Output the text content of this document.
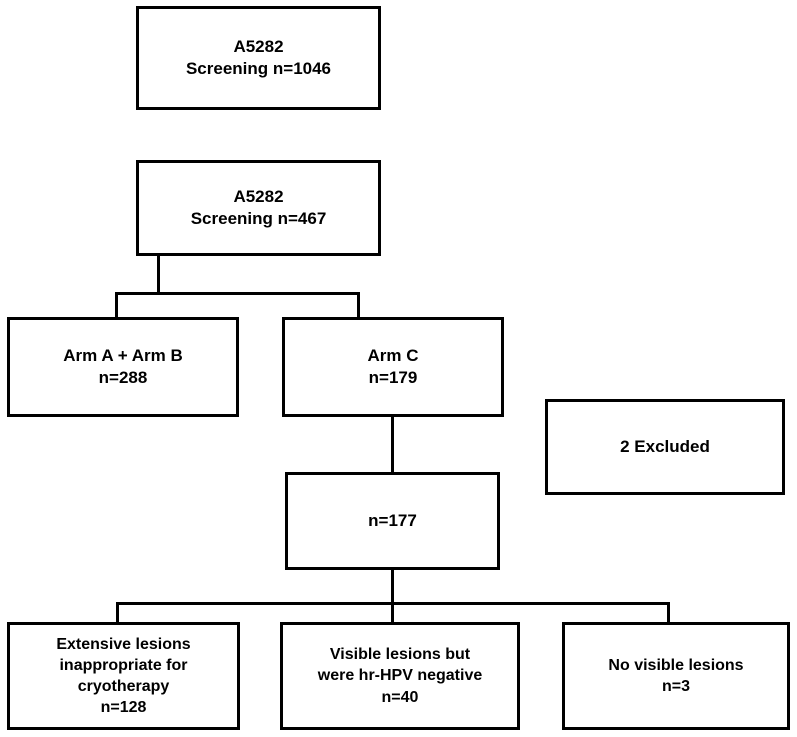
A5282
Screening n=1046
A5282
Screening n=467
Arm A + Arm B
n=288
Arm C
n=179
2 Excluded
n=177
Extensive lesions
inappropriate for
cryotherapy
n=128
Visible lesions but
were hr-HPV negative
n=40
No visible lesions
n=3
